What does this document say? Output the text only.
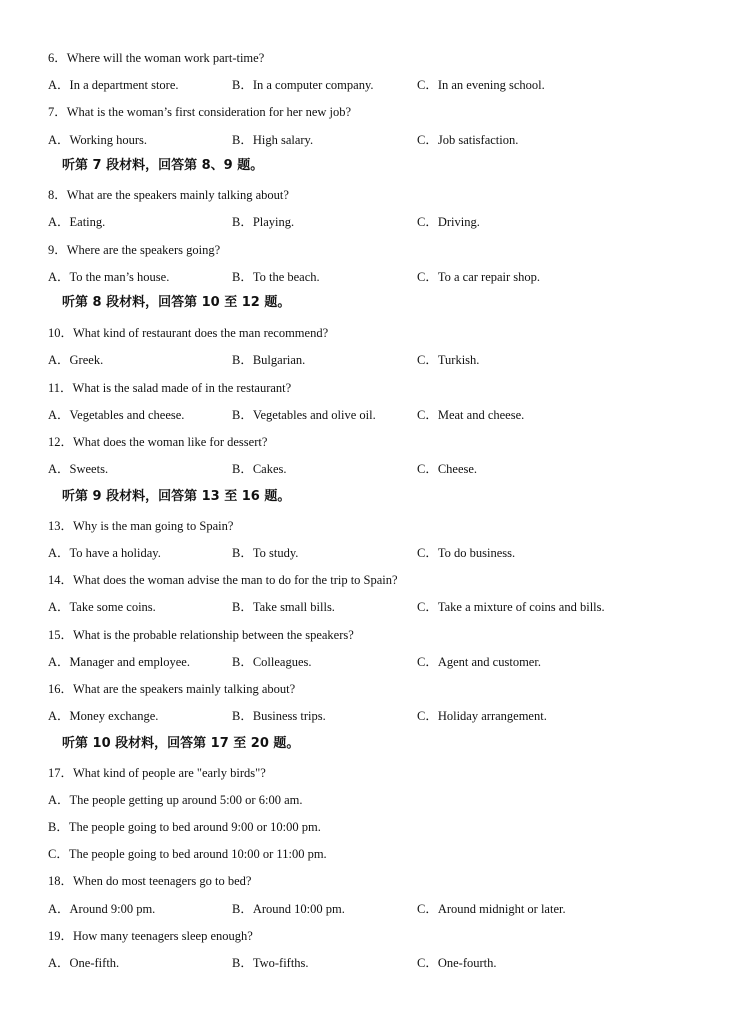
6．Where will the woman work part-time?
A．In a department store.	B．In a computer company.	C．In an evening school.
7．What is the woman’s first consideration for her new job?
A．Working hours.	B．High salary.	C．Job satisfaction.
听第 7 段材料，回答第 8、9 题。
8．What are the speakers mainly talking about?
A．Eating.	B．Playing.	C．Driving.
9．Where are the speakers going?
A．To the man’s house.	B．To the beach.	C．To a car repair shop.
听第 8 段材料，回答第 10 至 12 题。
10．What kind of restaurant does the man recommend?
A．Greek.	B．Bulgarian.	C．Turkish.
11．What is the salad made of in the restaurant?
A．Vegetables and cheese.	B．Vegetables and olive oil.	C．Meat and cheese.
12．What does the woman like for dessert?
A．Sweets.	B．Cakes.	C．Cheese.
听第 9 段材料，回答第 13 至 16 题。
13．Why is the man going to Spain?
A．To have a holiday.	B．To study.	C．To do business.
14．What does the woman advise the man to do for the trip to Spain?
A．Take some coins.	B．Take small bills.	C．Take a mixture of coins and bills.
15．What is the probable relationship between the speakers?
A．Manager and employee.	B．Colleagues.	C．Agent and customer.
16．What are the speakers mainly talking about?
A．Money exchange.	B．Business trips.	C．Holiday arrangement.
听第 10 段材料，回答第 17 至 20 题。
17．What kind of people are "early birds"?
A．The people getting up around 5:00 or 6:00 am.
B．The people going to bed around 9:00 or 10:00 pm.
C．The people going to bed around 10:00 or 11:00 pm.
18．When do most teenagers go to bed?
A．Around 9:00 pm.	B．Around 10:00 pm.	C．Around midnight or later.
19．How many teenagers sleep enough?
A．One-fifth.	B．Two-fifths.	C．One-fourth.
